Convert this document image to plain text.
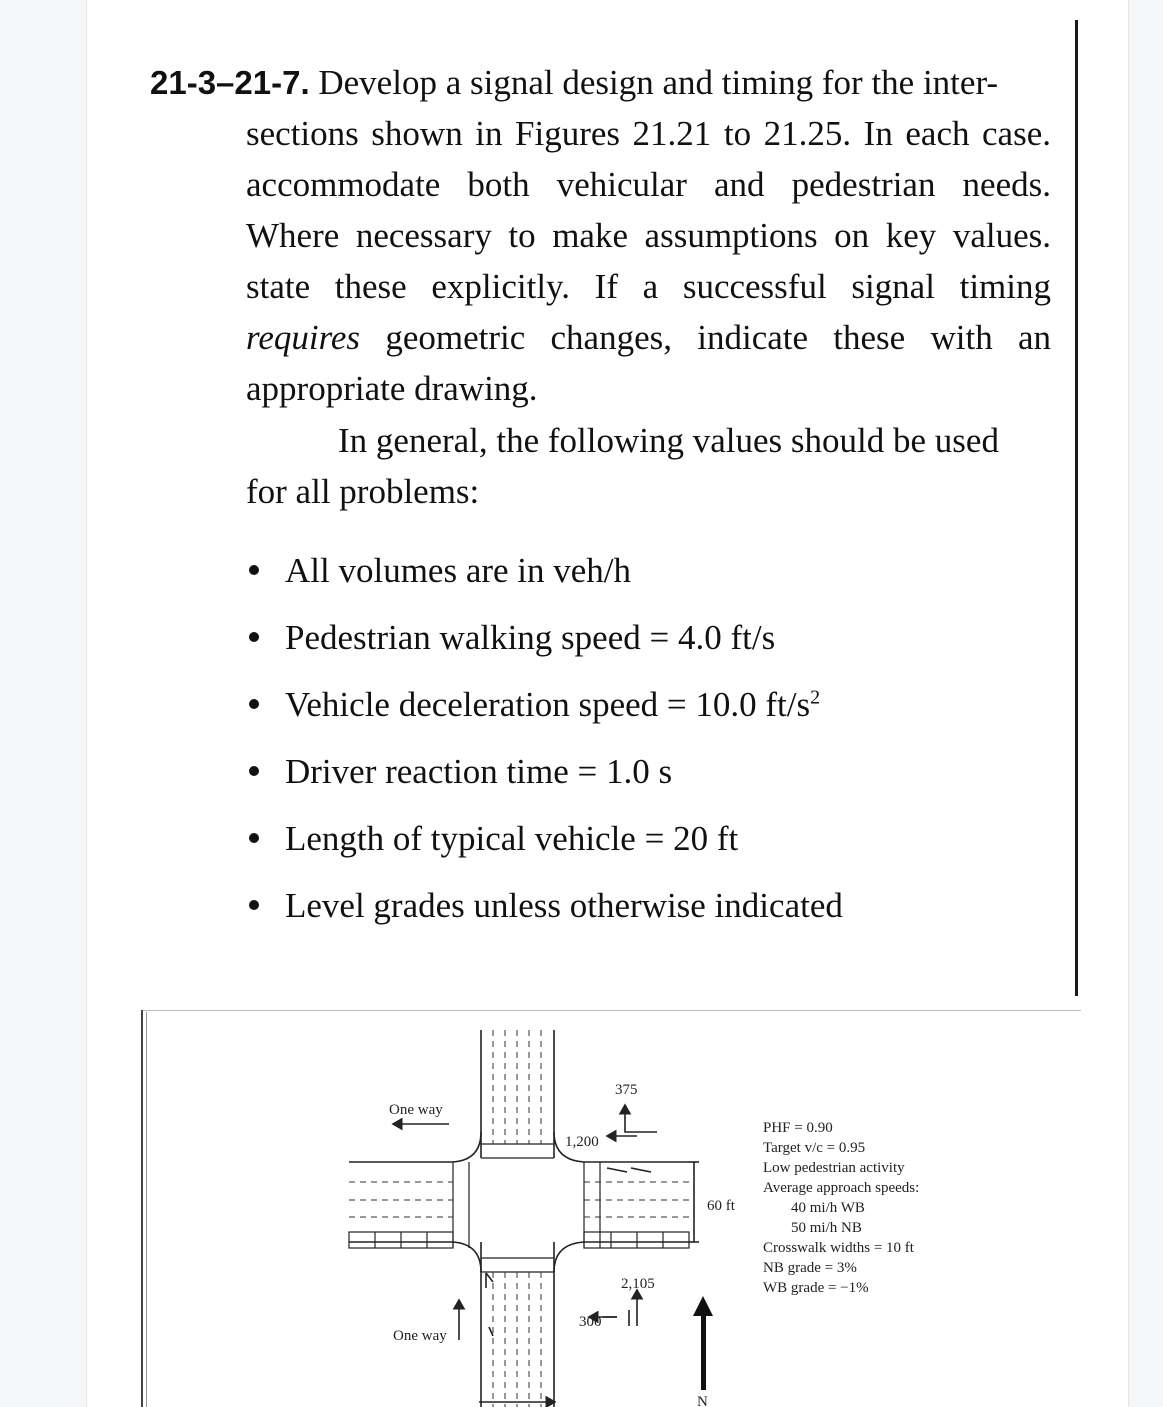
21-3–21-7. Develop a signal design and timing for the inter-
sections shown in Figures 21.21 to 21.25. In each case.
accommodate both vehicular and pedestrian needs.
Where necessary to make assumptions on key values.
state these explicitly. If a successful signal timing
requires geometric changes, indicate these with an
appropriate drawing.
In general, the following values should be used
for all problems:
All volumes are in veh/h
Pedestrian walking speed = 4.0 ft/s
Vehicle deceleration speed = 10.0 $ft/s^2$
Driver reaction time = 1.0 s
Length of typical vehicle = 20 ft
Level grades unless otherwise indicated
One way
One way
375
1,200
2,105
300
60 ft
N
PHF = 0.90
Target v/c = 0.95
Low pedestrian activity
Average approach speeds:
40 mi/h WB
50 mi/h NB
Crosswalk widths = 10 ft
NB grade = 3%
WB grade = −1%
